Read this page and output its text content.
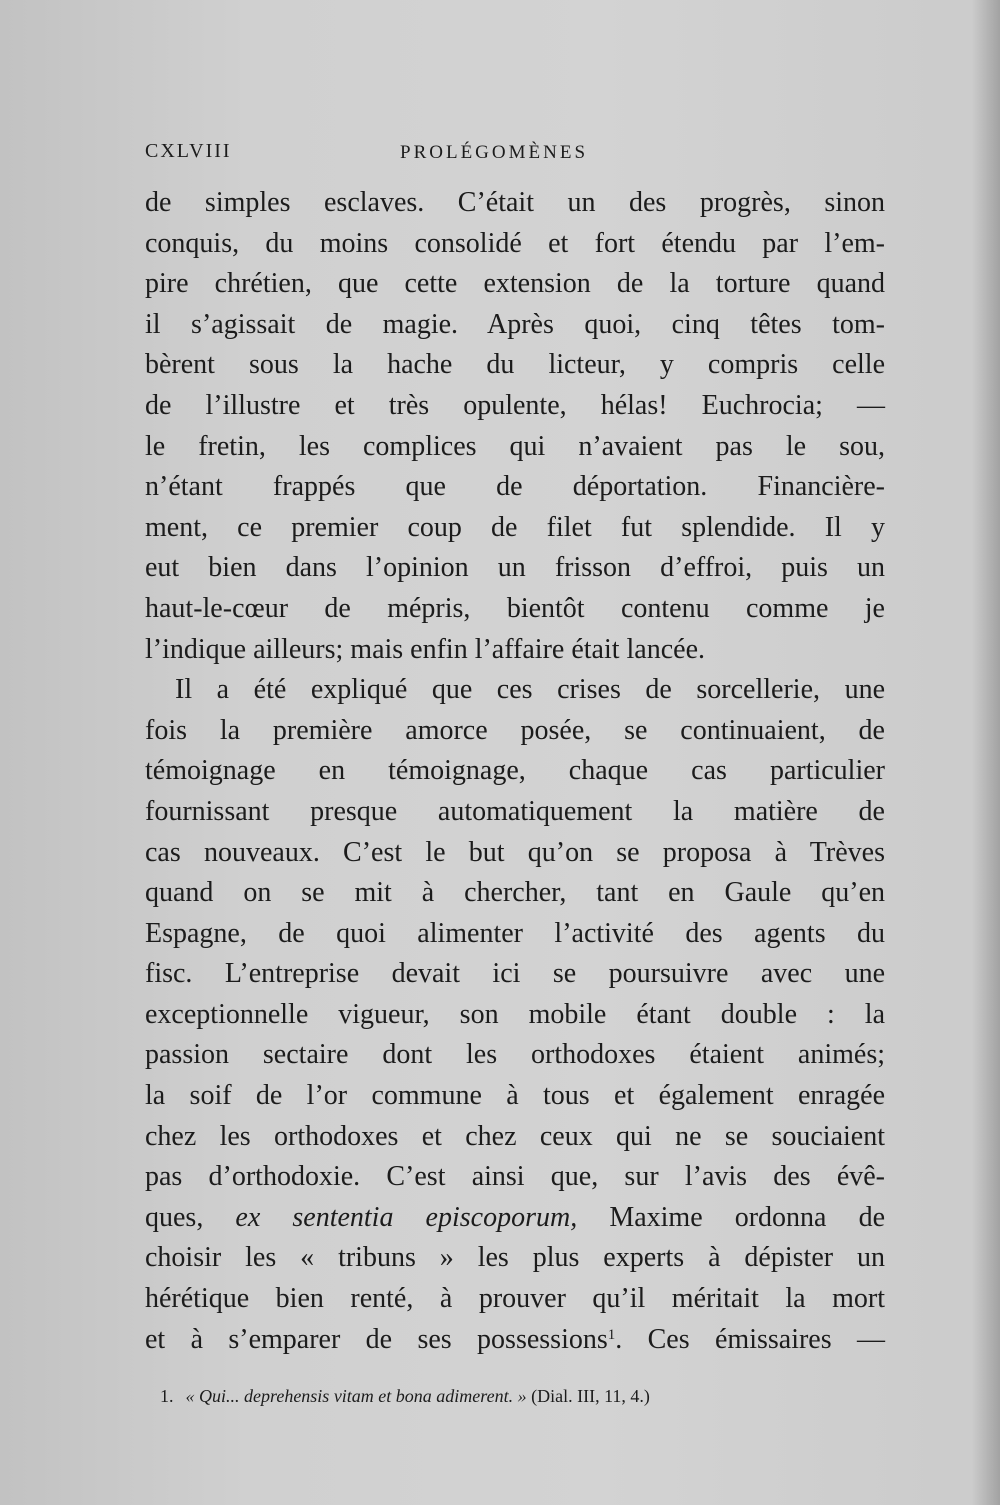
CXLVIII	PROLÉGOMÈNES
de simples esclaves. C’était un des progrès, sinon
conquis, du moins consolidé et fort étendu par l’em-
pire chrétien, que cette extension de la torture quand
il s’agissait de magie. Après quoi, cinq têtes tom-
bèrent sous la hache du licteur, y compris celle
de l’illustre et très opulente, hélas! Euchrocia; —
le fretin, les complices qui n’avaient pas le sou,
n’étant frappés que de déportation. Financière-
ment, ce premier coup de filet fut splendide. Il y
eut bien dans l’opinion un frisson d’effroi, puis un
haut-le-cœur de mépris, bientôt contenu comme je
l’indique ailleurs; mais enfin l’affaire était lancée.
Il a été expliqué que ces crises de sorcellerie, une
fois la première amorce posée, se continuaient, de
témoignage en témoignage, chaque cas particulier
fournissant presque automatiquement la matière de
cas nouveaux. C’est le but qu’on se proposa à Trèves
quand on se mit à chercher, tant en Gaule qu’en
Espagne, de quoi alimenter l’activité des agents du
fisc. L’entreprise devait ici se poursuivre avec une
exceptionnelle vigueur, son mobile étant double : la
passion sectaire dont les orthodoxes étaient animés;
la soif de l’or commune à tous et également enragée
chez les orthodoxes et chez ceux qui ne se souciaient
pas d’orthodoxie. C’est ainsi que, sur l’avis des évê-
ques, ex sententia episcoporum, Maxime ordonna de
choisir les « tribuns » les plus experts à dépister un
hérétique bien renté, à prouver qu’il méritait la mort
et à s’emparer de ses possessions$^1$. Ces émissaires —
1. « Qui... deprehensis vitam et bona adimerent. » (Dial. III, 11, 4.)
